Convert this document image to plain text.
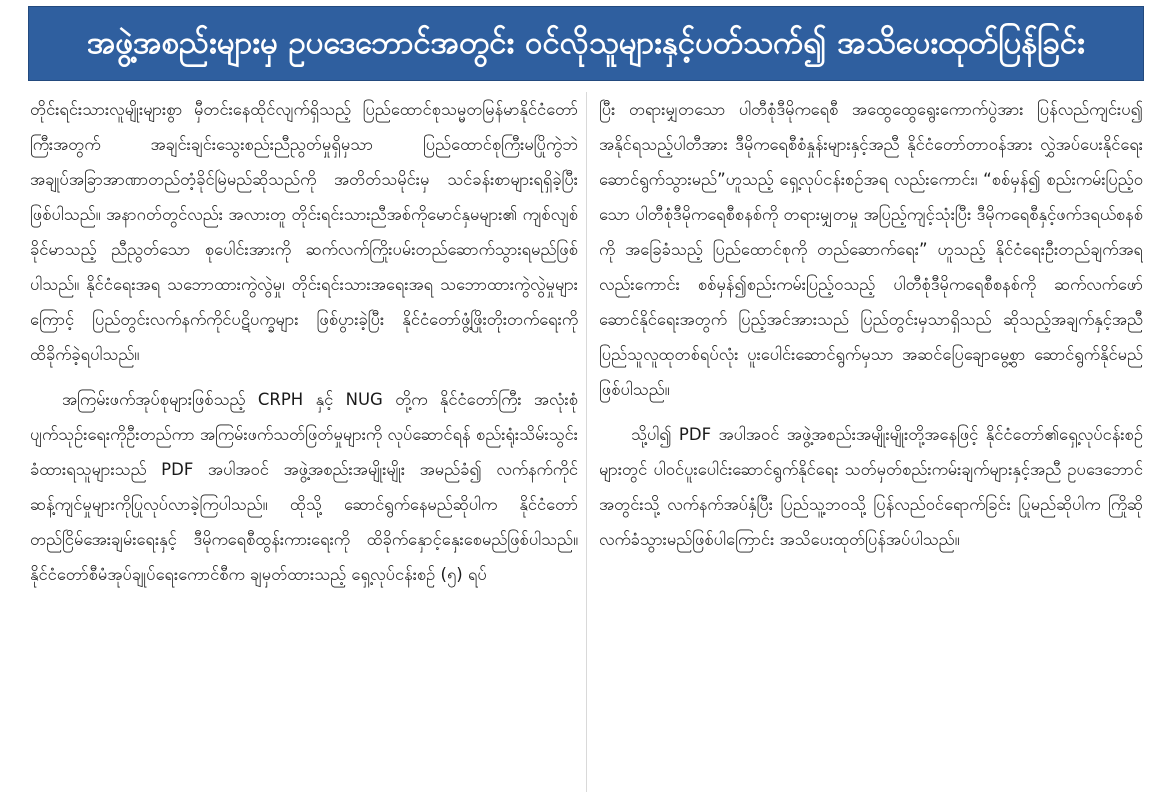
အဖွဲ့အစည်းများမှ ဥပဒေဘောင်အတွင်း ဝင်လိုသူများနှင့်ပတ်သက်၍ အသိပေးထုတ်ပြန်ခြင်း

တိုင်းရင်းသားလူမျိုးများစွာ မှီတင်းနေထိုင်လျက်ရှိသည့် ပြည်ထောင်စုသမ္မတမြန်မာနိုင်ငံတော်ကြီးအတွက် အချင်းချင်းသွေးစည်းညီညွတ်မှုရှိမှသာ ပြည်ထောင်စုကြီးမပြိုကွဲဘဲ အချုပ်အခြာအာဏာတည်တံ့ခိုင်မြဲမည်ဆိုသည်ကို အတိတ်သမိုင်းမှ သင်ခန်းစာများရရှိခဲ့ပြီး ဖြစ်ပါသည်။ အနာဂတ်တွင်လည်း အလားတူ တိုင်းရင်းသားညီအစ်ကိုမောင်နှမများ၏ ကျစ်လျစ်ခိုင်မာသည့် ညီညွတ်သော စုပေါင်းအားကို ဆက်လက်ကြိုးပမ်းတည်ဆောက်သွားရမည်ဖြစ်ပါသည်။ နိုင်ငံရေးအရ သဘောထားကွဲလွဲမှု၊ တိုင်းရင်းသားအရေးအရ သဘောထားကွဲလွဲမှုများကြောင့် ပြည်တွင်းလက်နက်ကိုင်ပဋိပက္ခများ ဖြစ်ပွားခဲ့ပြီး နိုင်ငံတော်ဖွံ့ဖြိုးတိုးတက်ရေးကို ထိခိုက်ခဲ့ရပါသည်။

အကြမ်းဖက်အုပ်စုများဖြစ်သည့် CRPH နှင့် NUG တို့က နိုင်ငံတော်ကြီး အလုံးစုံပျက်သုဉ်းရေးကိုဦးတည်ကာ အကြမ်းဖက်သတ်ဖြတ်မှုများကို လုပ်ဆောင်ရန် စည်းရုံးသိမ်းသွင်းခံထားရသူများသည် PDF အပါအဝင် အဖွဲ့အစည်းအမျိုးမျိုး အမည်ခံ၍ လက်နက်ကိုင် ဆန့်ကျင်မှုများကိုပြုလုပ်လာခဲ့ကြပါသည်။ ထိုသို့ ဆောင်ရွက်နေမည်ဆိုပါက နိုင်ငံတော်တည်ငြိမ်အေးချမ်းရေးနှင့် ဒီမိုကရေစီထွန်းကားရေးကို ထိခိုက်နှောင့်နှေးစေမည်ဖြစ်ပါသည်။ နိုင်ငံတော်စီမံအုပ်ချုပ်ရေးကောင်စီက ချမှတ်ထားသည့် ရှေ့လုပ်ငန်းစဉ် (၅) ရပ်

ပြီး တရားမျှတသော ပါတီစုံဒီမိုကရေစီ အထွေထွေရွေးကောက်ပွဲအား ပြန်လည်ကျင်းပ၍ အနိုင်ရသည့်ပါတီအား ဒီမိုကရေစီစံနှုန်းများနှင့်အညီ နိုင်ငံတော်တာဝန်အား လွှဲအပ်ပေးနိုင်ရေး ဆောင်ရွက်သွားမည်”ဟူသည့် ရှေ့လုပ်ငန်းစဉ်အရ လည်းကောင်း၊ “စစ်မှန်၍ စည်းကမ်းပြည့်ဝသော ပါတီစုံဒီမိုကရေစီစနစ်ကို တရားမျှတမှု အပြည့်ကျင့်သုံးပြီး ဒီမိုကရေစီနှင့်ဖက်ဒရယ်စနစ်ကို အခြေခံသည့် ပြည်ထောင်စုကို တည်ဆောက်ရေး” ဟူသည့် နိုင်ငံရေးဦးတည်ချက်အရ လည်းကောင်း စစ်မှန်၍စည်းကမ်းပြည့်ဝသည့် ပါတီစုံဒီမိုကရေစီစနစ်ကို ဆက်လက်ဖော်ဆောင်နိုင်ရေးအတွက် ပြည့်အင်အားသည် ပြည်တွင်းမှသာရှိသည် ဆိုသည့်အချက်နှင့်အညီ ပြည်သူလူထုတစ်ရပ်လုံး ပူးပေါင်းဆောင်ရွက်မှသာ အဆင်ပြေချောမွေ့စွာ ဆောင်ရွက်နိုင်မည်ဖြစ်ပါသည်။

သို့ပါ၍ PDF အပါအဝင် အဖွဲ့အစည်းအမျိုးမျိုးတို့အနေဖြင့် နိုင်ငံတော်၏ရှေ့လုပ်ငန်းစဉ်များတွင် ပါဝင်ပူးပေါင်းဆောင်ရွက်နိုင်ရေး သတ်မှတ်စည်းကမ်းချက်များနှင့်အညီ ဥပဒေဘောင်အတွင်းသို့ လက်နက်အပ်နှံပြီး ပြည်သူ့ဘဝသို့ ပြန်လည်ဝင်ရောက်ခြင်း ပြုမည်ဆိုပါက ကြိုဆိုလက်ခံသွားမည်ဖြစ်ပါကြောင်း အသိပေးထုတ်ပြန်အပ်ပါသည်။
